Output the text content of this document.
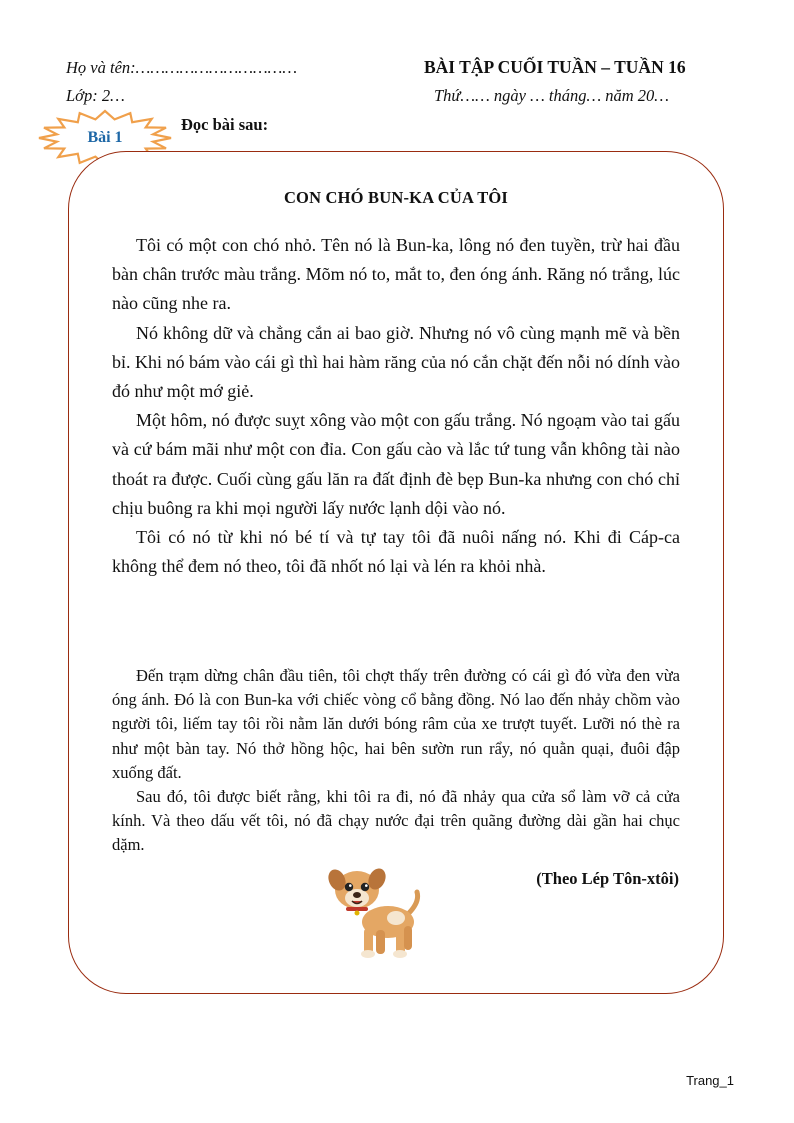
Họ và tên:……………………………
Lớp: 2…
BÀI TẬP CUỐI TUẦN – TUẦN 16
Thứ…… ngày … tháng… năm 20…
Bài 1
Đọc bài sau:
CON CHÓ BUN-KA CỦA TÔI

Tôi có một con chó nhỏ. Tên nó là Bun-ka, lông nó đen tuyền, trừ hai đầu bàn chân trước màu trắng. Mõm nó to, mắt to, đen óng ánh. Răng nó trắng, lúc nào cũng nhe ra.

Nó không dữ và chẳng cắn ai bao giờ. Nhưng nó vô cùng mạnh mẽ và bền bỉ. Khi nó bám vào cái gì thì hai hàm răng của nó cắn chặt đến nỗi nó dính vào đó như một mớ giẻ.

Một hôm, nó được suỵt xông vào một con gấu trắng. Nó ngoạm vào tai gấu và cứ bám mãi như một con đỉa. Con gấu cào và lắc tứ tung vẫn không tài nào thoát ra được. Cuối cùng gấu lăn ra đất định đè bẹp Bun-ka nhưng con chó chỉ chịu buông ra khi mọi người lấy nước lạnh dội vào nó.

Tôi có nó từ khi nó bé tí và tự tay tôi đã nuôi nấng nó. Khi đi Cáp-ca không thể đem nó theo, tôi đã nhốt nó lại và lén ra khỏi nhà.

Đến trạm dừng chân đầu tiên, tôi chợt thấy trên đường có cái gì đó vừa đen vừa óng ánh. Đó là con Bun-ka với chiếc vòng cổ bằng đồng. Nó lao đến nhảy chồm vào người tôi, liếm tay tôi rồi nằm lăn dưới bóng râm của xe trượt tuyết. Lưỡi nó thè ra như một bàn tay. Nó thở hồng hộc, hai bên sườn run rẩy, nó quằn quại, đuôi đập xuống đất.

Sau đó, tôi được biết rằng, khi tôi ra đi, nó đã nhảy qua cửa sổ làm vỡ cả cửa kính. Và theo dấu vết tôi, nó đã chạy nước đại trên quãng đường dài gần hai chục dặm.

(Theo Lép Tôn-xtôi)
Trang_1
